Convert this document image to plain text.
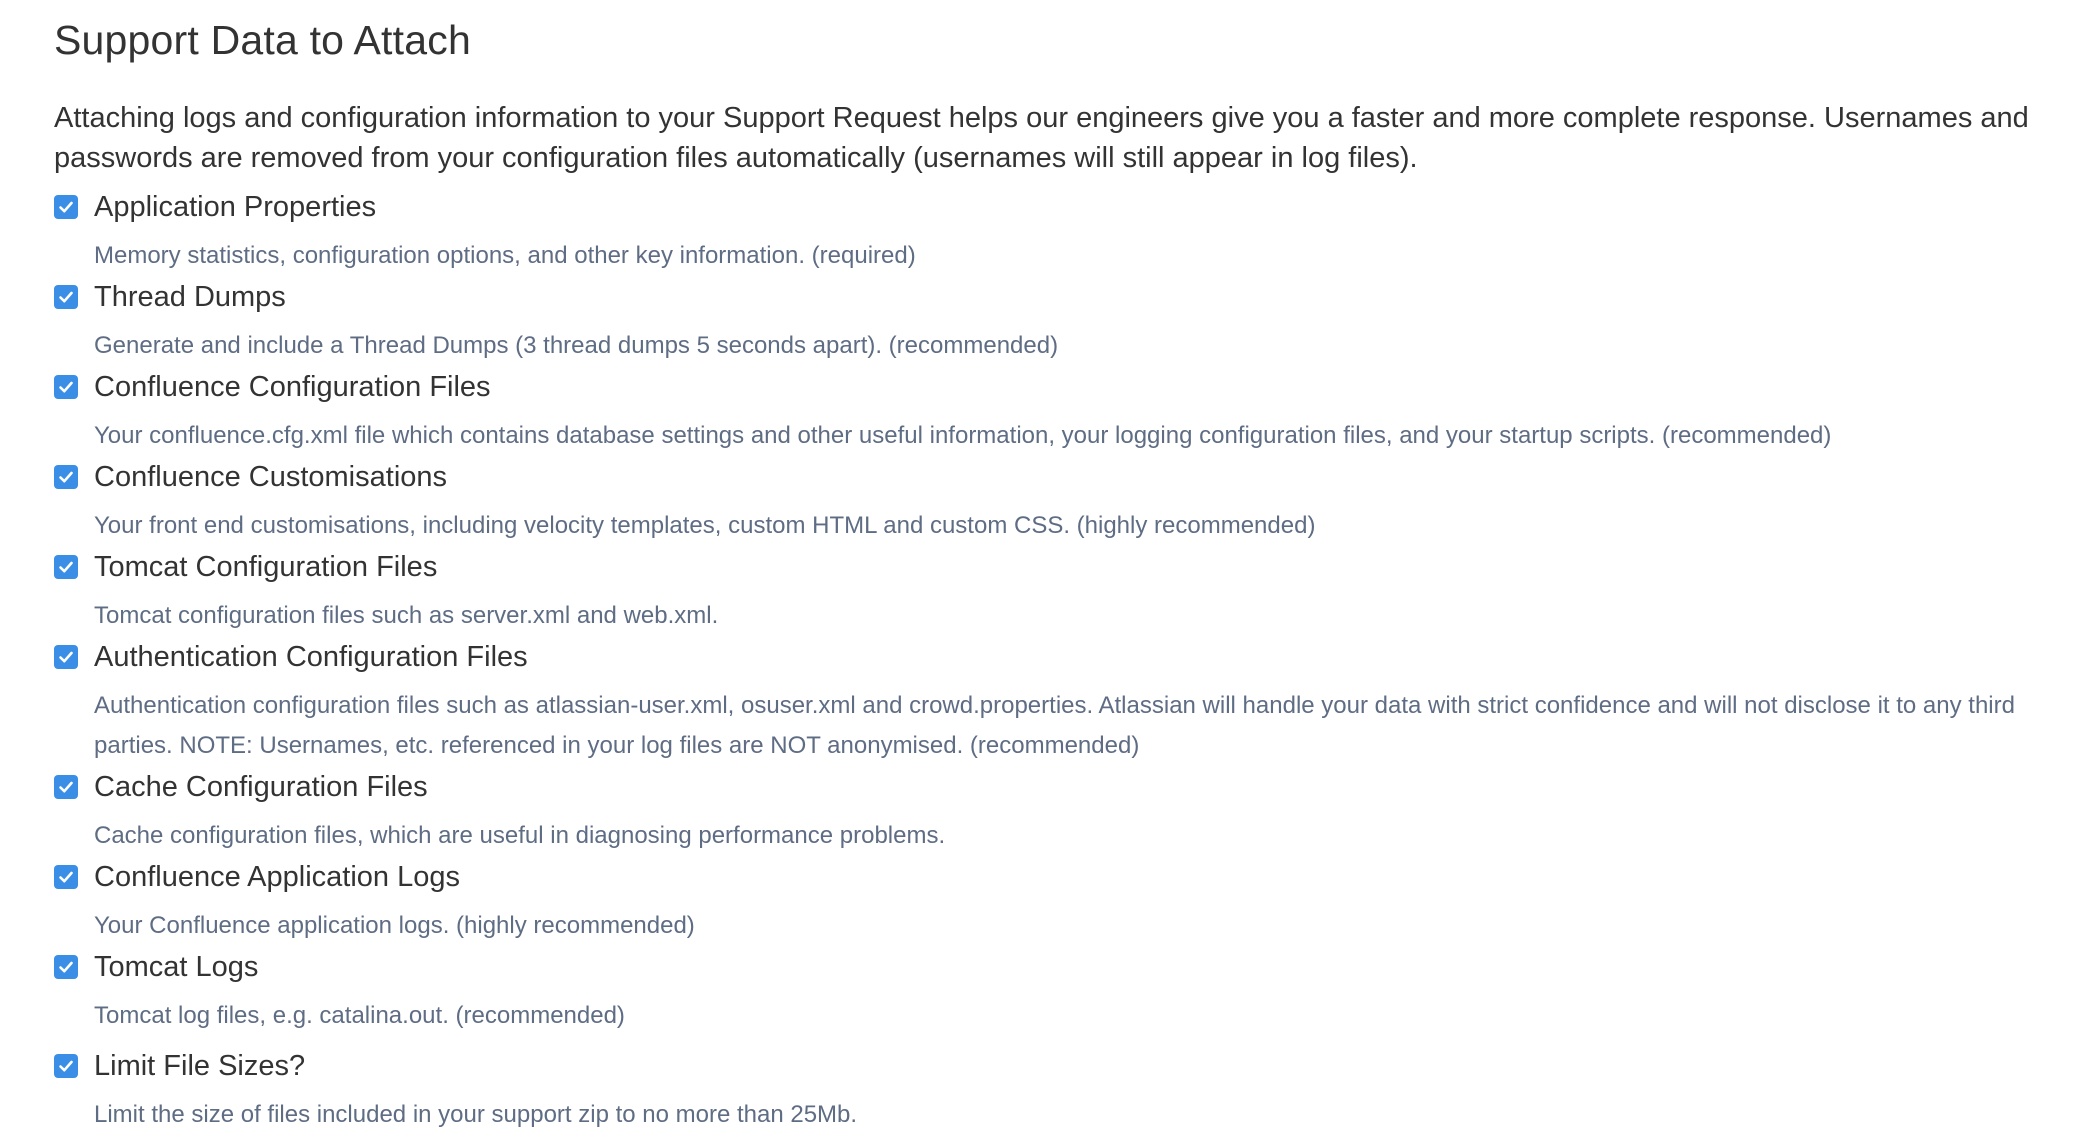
Support Data to Attach

Attaching logs and configuration information to your Support Request helps our engineers give you a faster and more complete response. Usernames and passwords are removed from your configuration files automatically (usernames will still appear in log files).

Application Properties
Memory statistics, configuration options, and other key information. (required)
Thread Dumps
Generate and include a Thread Dumps (3 thread dumps 5 seconds apart). (recommended)
Confluence Configuration Files
Your confluence.cfg.xml file which contains database settings and other useful information, your logging configuration files, and your startup scripts. (recommended)
Confluence Customisations
Your front end customisations, including velocity templates, custom HTML and custom CSS. (highly recommended)
Tomcat Configuration Files
Tomcat configuration files such as server.xml and web.xml.
Authentication Configuration Files
Authentication configuration files such as atlassian-user.xml, osuser.xml and crowd.properties. Atlassian will handle your data with strict confidence and will not disclose it to any third parties. NOTE: Usernames, etc. referenced in your log files are NOT anonymised. (recommended)
Cache Configuration Files
Cache configuration files, which are useful in diagnosing performance problems.
Confluence Application Logs
Your Confluence application logs. (highly recommended)
Tomcat Logs
Tomcat log files, e.g. catalina.out. (recommended)
Limit File Sizes?
Limit the size of files included in your support zip to no more than 25Mb.
